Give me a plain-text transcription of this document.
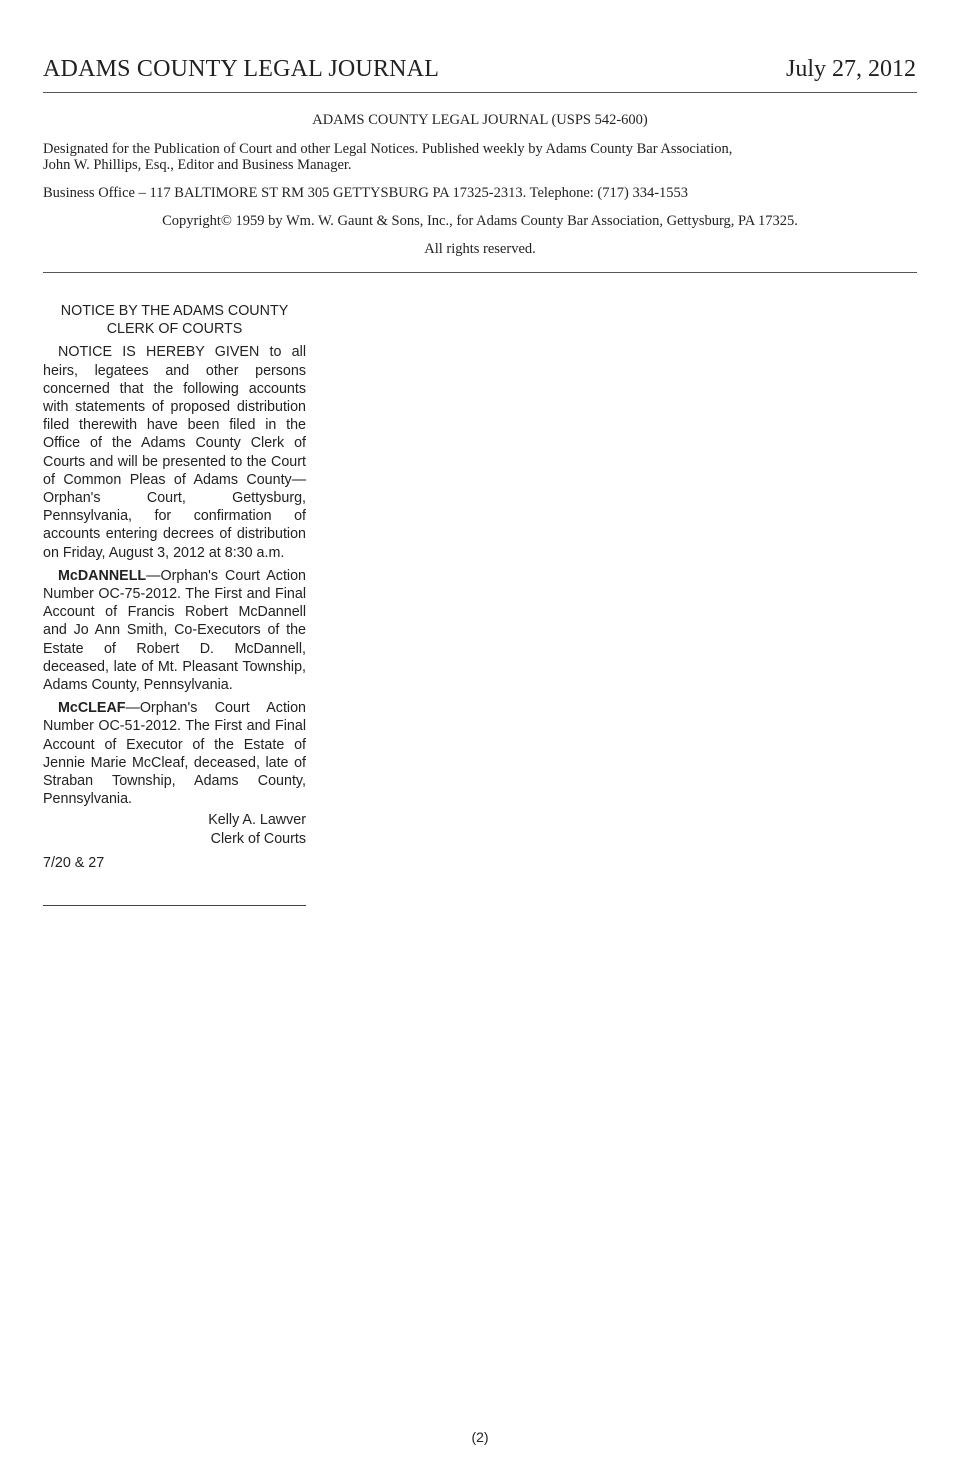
ADAMS COUNTY LEGAL JOURNAL	July 27, 2012
ADAMS COUNTY LEGAL JOURNAL (USPS 542-600)
Designated for the Publication of Court and other Legal Notices. Published weekly by Adams County Bar Association,
John W. Phillips, Esq., Editor and Business Manager.
Business Office – 117 BALTIMORE ST RM 305 GETTYSBURG PA 17325-2313. Telephone: (717) 334-1553
Copyright© 1959 by Wm. W. Gaunt & Sons, Inc., for Adams County Bar Association, Gettysburg, PA 17325.
All rights reserved.
NOTICE BY THE ADAMS COUNTY
CLERK OF COURTS

NOTICE IS HEREBY GIVEN to all heirs, legatees and other persons concerned that the following accounts with statements of proposed distribution filed therewith have been filed in the Office of the Adams County Clerk of Courts and will be presented to the Court of Common Pleas of Adams County—Orphan's Court, Gettysburg, Pennsylvania, for confirmation of accounts entering decrees of distribution on Friday, August 3, 2012 at 8:30 a.m.

McDANNELL—Orphan's Court Action Number OC-75-2012. The First and Final Account of Francis Robert McDannell and Jo Ann Smith, Co-Executors of the Estate of Robert D. McDannell, deceased, late of Mt. Pleasant Township, Adams County, Pennsylvania.

McCLEAF—Orphan's Court Action Number OC-51-2012. The First and Final Account of Executor of the Estate of Jennie Marie McCleaf, deceased, late of Straban Township, Adams County, Pennsylvania.

Kelly A. Lawver
Clerk of Courts
7/20 & 27
(2)
